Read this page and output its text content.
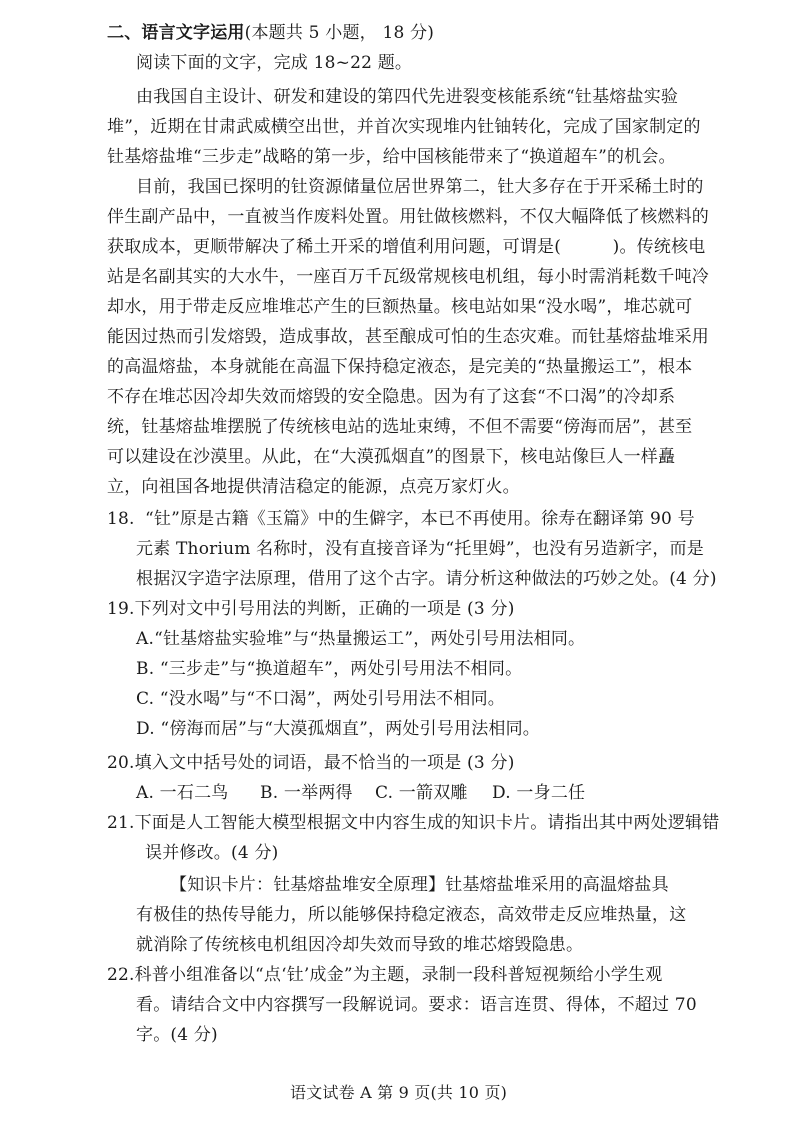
二、语言文字运用(本题共 5 小题， 18 分)
阅读下面的文字，完成 18~22 题。
由我国自主设计、研发和建设的第四代先进裂变核能系统“钍基熔盐实验
堆”，近期在甘肃武威横空出世，并首次实现堆内钍铀转化，完成了国家制定的
钍基熔盐堆“三步走”战略的第一步，给中国核能带来了“换道超车”的机会。
目前，我国已探明的钍资源储量位居世界第二，钍大多存在于开采稀土时的
伴生副产品中，一直被当作废料处置。用钍做核燃料，不仅大幅降低了核燃料的
获取成本，更顺带解决了稀土开采的增值利用问题，可谓是(　　　)。传统核电
站是名副其实的大水牛，一座百万千瓦级常规核电机组，每小时需消耗数千吨冷
却水，用于带走反应堆堆芯产生的巨额热量。核电站如果“没水喝”，堆芯就可
能因过热而引发熔毁，造成事故，甚至酿成可怕的生态灾难。而钍基熔盐堆采用
的高温熔盐，本身就能在高温下保持稳定液态，是完美的“热量搬运工”，根本
不存在堆芯因冷却失效而熔毁的安全隐患。因为有了这套“不口渴”的冷却系
统，钍基熔盐堆摆脱了传统核电站的选址束缚，不但不需要“傍海而居”，甚至
可以建设在沙漠里。从此，在“大漠孤烟直”的图景下，核电站像巨人一样矗
立，向祖国各地提供清洁稳定的能源，点亮万家灯火。
18. “钍”原是古籍《玉篇》中的生僻字，本已不再使用。徐寿在翻译第 90 号
元素 Thorium 名称时，没有直接音译为“托里姆”，也没有另造新字，而是
根据汉字造字法原理，借用了这个古字。请分析这种做法的巧妙之处。(4 分)
19.下列对文中引号用法的判断，正确的一项是 (3 分)
A.“钍基熔盐实验堆”与“热量搬运工”，两处引号用法相同。
B. “三步走”与“换道超车”，两处引号用法不相同。
C. “没水喝”与“不口渴”，两处引号用法不相同。
D. “傍海而居”与“大漠孤烟直”，两处引号用法相同。
20.填入文中括号处的词语，最不恰当的一项是 (3 分)
A. 一石二鸟 B. 一举两得 C. 一箭双雕 D. 一身二任
21.下面是人工智能大模型根据文中内容生成的知识卡片。请指出其中两处逻辑错
误并修改。(4 分)
【知识卡片：钍基熔盐堆安全原理】钍基熔盐堆采用的高温熔盐具
有极佳的热传导能力，所以能够保持稳定液态，高效带走反应堆热量，这
就消除了传统核电机组因冷却失效而导致的堆芯熔毁隐患。
22.科普小组准备以“点‘钍’成金”为主题，录制一段科普短视频给小学生观
看。请结合文中内容撰写一段解说词。要求：语言连贯、得体，不超过 70
字。(4 分)
语文试卷 A 第 9 页(共 10 页)
